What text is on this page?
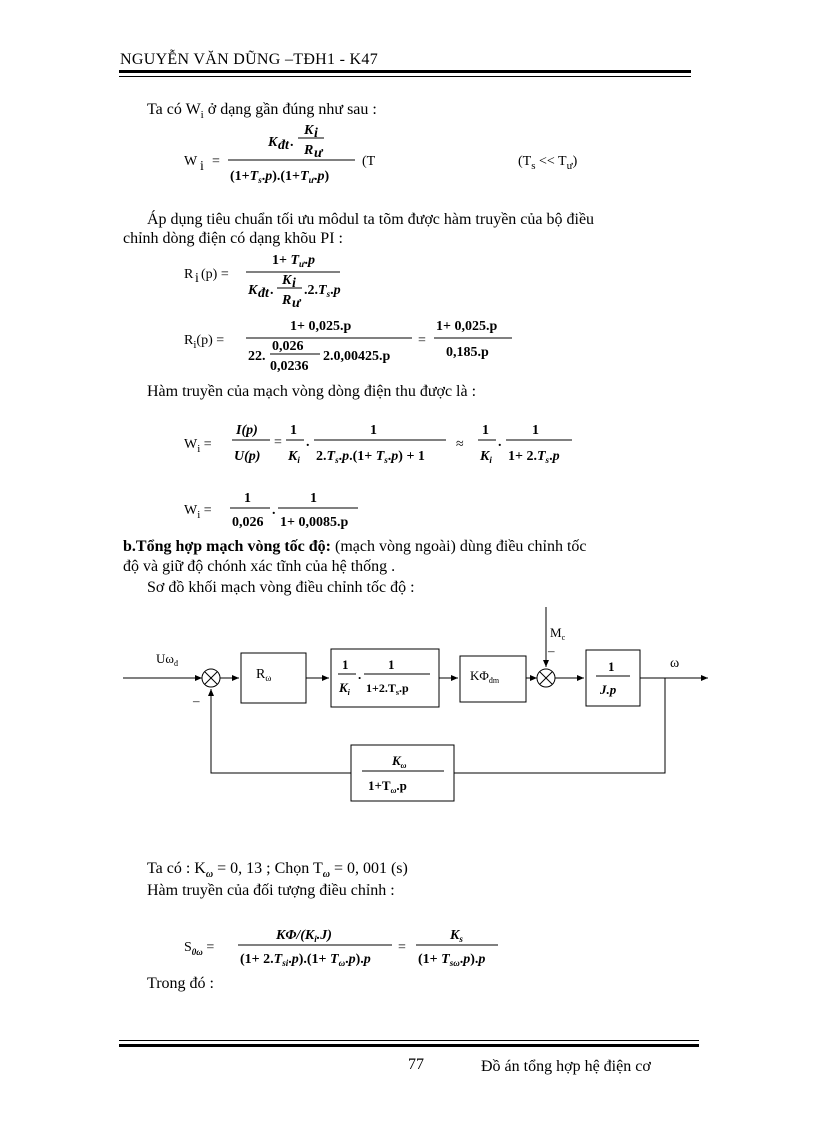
NGUYỄN VĂN DŨNG –TĐH1 - K47
Ta có $W_i$ ở dạng gần đúng như sau :
W i =
K đt .
K i
R ư
$(1+T_s.p).(1+T_ư.p)$
(T	$(T_s << T_ư)$
Áp dụng tiêu chuẩn tối ưu môdul ta tõm được hàm truyền của bộ điều
chỉnh dòng điện có dạng khõu PI :
R i (p) =
$1+ T_ư.p$
K đt .
K i
R ư
$.2.T_s.p$
$R_i(p)$ =
1+ 0,025.p
22.
0,026
0,0236
2.0,00425.p
=
1+ 0,025.p
0,185.p
Hàm truyền của mạch vòng dòng điện thu được là :
$W_i$ =
I(p)
U(p)
=
1
$K_i$
.
1
$2.T_s.p.(1+ T_s.p) + 1$
≈
1
$K_i$
.
1
$1+ 2.T_s.p$
$W_i$ =
1
0,026
.
1
1+ 0,0085.p
b.Tổng hợp mạch vòng tốc độ: (mạch vòng ngoài) dùng điều chỉnh tốc
độ và giữ độ chónh xác tĩnh của hệ thống .
Sơ đồ khối mạch vòng điều chỉnh tốc độ :
$U\omega_đ$
–
$R_\omega$
1
$K_i$
.
1
$1+2.T_s.p$
$K\Phi_{đm}$
$M_c$
–
1
J.p
ω
$K_\omega$
$1+T_\omega.p$
Ta có : $K_\omega = 0$, 13 ; Chọn $T_\omega = 0$, 001 (s)
Hàm truyền của đối tượng điều chỉnh :
$S_{0\omega}$ =
$K\Phi/(K_i.J)$
$(1+ 2.T_{si}.p).(1+ T_\omega.p).p$
=
$K_s$
$(1+ T_{s\omega}.p).p$
Trong đó :
77	Đồ án tổng hợp hệ điện cơ
